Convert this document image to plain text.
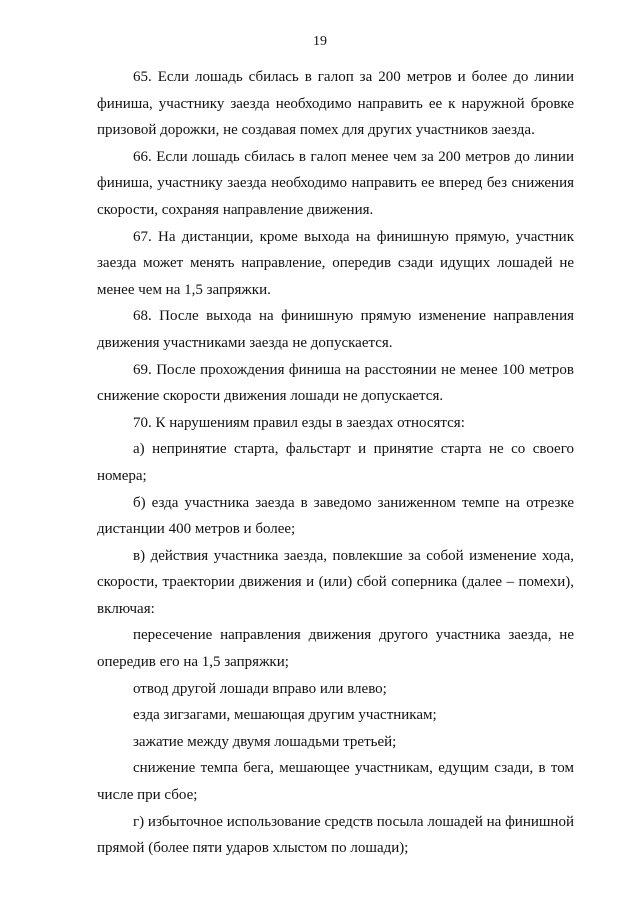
19

65. Если лошадь сбилась в галоп за 200 метров и более до линии финиша, участнику заезда необходимо направить ее к наружной бровке призовой дорожки, не создавая помех для других участников заезда.

66. Если лошадь сбилась в галоп менее чем за 200 метров до линии финиша, участнику заезда необходимо направить ее вперед без снижения скорости, сохраняя направление движения.

67. На дистанции, кроме выхода на финишную прямую, участник заезда может менять направление, опередив сзади идущих лошадей не менее чем на 1,5 запряжки.

68. После выхода на финишную прямую изменение направления движения участниками заезда не допускается.

69. После прохождения финиша на расстоянии не менее 100 метров снижение скорости движения лошади не допускается.

70. К нарушениям правил езды в заездах относятся:

а) непринятие старта, фальстарт и принятие старта не со своего номера;

б) езда участника заезда в заведомо заниженном темпе на отрезке дистанции 400 метров и более;

в) действия участника заезда, повлекшие за собой изменение хода, скорости, траектории движения и (или) сбой соперника (далее – помехи), включая:

пересечение направления движения другого участника заезда, не опередив его на 1,5 запряжки;

отвод другой лошади вправо или влево;

езда зигзагами, мешающая другим участникам;

зажатие между двумя лошадьми третьей;

снижение темпа бега, мешающее участникам, едущим сзади, в том числе при сбое;

г) избыточное использование средств посыла лошадей на финишной прямой (более пяти ударов хлыстом по лошади);
